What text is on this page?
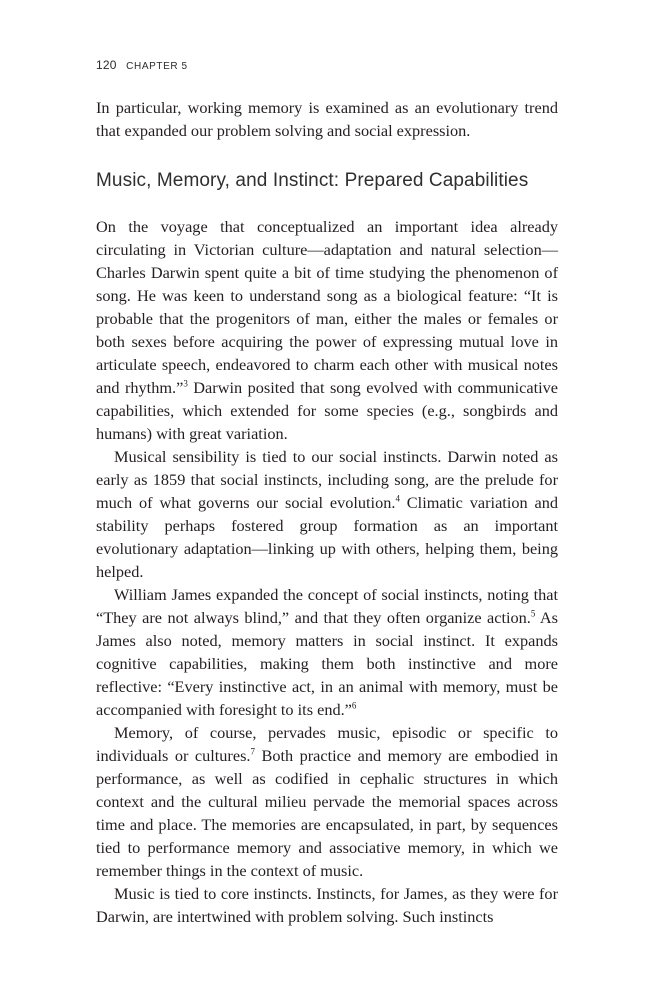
120 CHAPTER 5

In particular, working memory is examined as an evolutionary trend that expanded our problem solving and social expression.

Music, Memory, and Instinct: Prepared Capabilities

On the voyage that conceptualized an important idea already circulating in Victorian culture—adaptation and natural selection—Charles Darwin spent quite a bit of time studying the phenomenon of song. He was keen to understand song as a biological feature: “It is probable that the progenitors of man, either the males or females or both sexes before acquiring the power of expressing mutual love in articulate speech, endeavored to charm each other with musical notes and rhythm.”$^3$ Darwin posited that song evolved with communicative capabilities, which extended for some species (e.g., songbirds and humans) with great variation.

Musical sensibility is tied to our social instincts. Darwin noted as early as 1859 that social instincts, including song, are the prelude for much of what governs our social evolution.$^4$ Climatic variation and stability perhaps fostered group formation as an important evolutionary adaptation—linking up with others, helping them, being helped.

William James expanded the concept of social instincts, noting that “They are not always blind,” and that they often organize action.$^5$ As James also noted, memory matters in social instinct. It expands cognitive capabilities, making them both instinctive and more reflective: “Every instinctive act, in an animal with memory, must be accompanied with foresight to its end.”$^6$

Memory, of course, pervades music, episodic or specific to individuals or cultures.$^7$ Both practice and memory are embodied in performance, as well as codified in cephalic structures in which context and the cultural milieu pervade the memorial spaces across time and place. The memories are encapsulated, in part, by sequences tied to performance memory and associative memory, in which we remember things in the context of music.

Music is tied to core instincts. Instincts, for James, as they were for Darwin, are intertwined with problem solving. Such instincts
